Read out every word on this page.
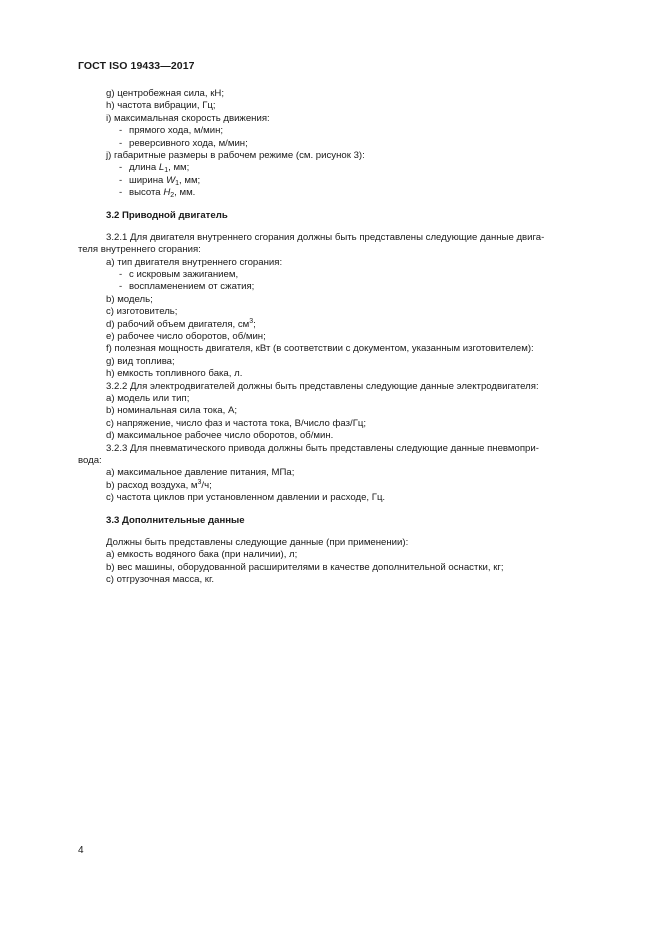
ГОСТ ISO 19433—2017
g) центробежная сила, кН;
h) частота вибрации, Гц;
i) максимальная скорость движения:
- прямого хода, м/мин;
- реверсивного хода, м/мин;
j) габаритные размеры в рабочем режиме (см. рисунок 3):
- длина $L_1$, мм;
- ширина $W_1$, мм;
- высота $H_2$, мм.
3.2 Приводной двигатель
3.2.1 Для двигателя внутреннего сгорания должны быть представлены следующие данные двига-
теля внутреннего сгорания:
a) тип двигателя внутреннего сгорания:
- с искровым зажиганием,
- воспламенением от сжатия;
b) модель;
c) изготовитель;
d) рабочий объем двигателя, $см^3$;
e) рабочее число оборотов, об/мин;
f) полезная мощность двигателя, кВт (в соответствии с документом, указанным изготовителем):
g) вид топлива;
h) емкость топливного бака, л.
3.2.2 Для электродвигателей должны быть представлены следующие данные электродвигателя:
a) модель или тип;
b) номинальная сила тока, А;
c) напряжение, число фаз и частота тока, В/число фаз/Гц;
d) максимальное рабочее число оборотов, об/мин.
3.2.3 Для пневматического привода должны быть представлены следующие данные пневмопри-
вода:
a) максимальное давление питания, МПа;
b) расход воздуха, $м^3/ч$;
c) частота циклов при установленном давлении и расходе, Гц.
3.3 Дополнительные данные
Должны быть представлены следующие данные (при применении):
a) емкость водяного бака (при наличии), л;
b) вес машины, оборудованной расширителями в качестве дополнительной оснастки, кг;
c) отгрузочная масса, кг.
4
